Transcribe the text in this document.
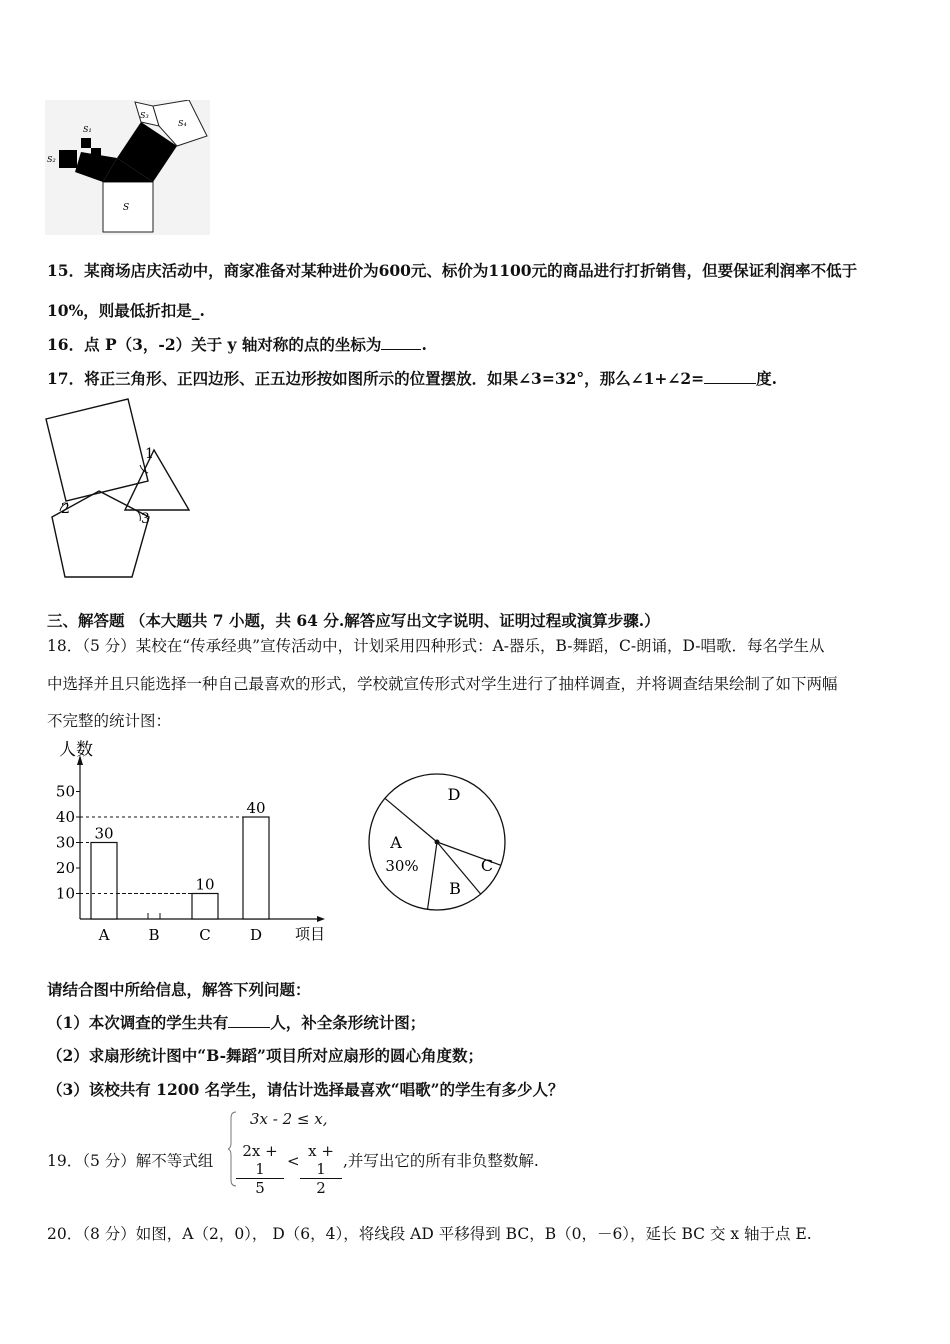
S
S₃
S₄
S₁
S₂
15．某商场店庆活动中，商家准备对某种进价为600元、标价为1100元的商品进行打折销售，但要保证利润率不低于
10%，则最低折扣是_.
16．点 P（3，-2）关于 y 轴对称的点的坐标为	.
17．将正三角形、正四边形、正五边形按如图所示的位置摆放．如果∠3=32°，那么∠1+∠2=	度.
1
2
3
三、解答题 （本大题共 7 小题，共 64 分.解答应写出文字说明、证明过程或演算步骤.）
18．（5 分）某校在“传承经典”宣传活动中，计划采用四种形式：A-器乐，B-舞蹈，C-朗诵，D-唱歌．每名学生从
中选择并且只能选择一种自己最喜欢的形式，学校就宣传形式对学生进行了抽样调查，并将调查结果绘制了如下两幅
不完整的统计图：
人数
项目
10
20
30
40
50
A
30
B	C
10
D
40
D
A
B
C
30%
请结合图中所给信息，解答下列问题：
（1）本次调查的学生共有	人，补全条形统计图；
（2）求扇形统计图中“B-舞蹈”项目所对应扇形的圆心角度数；
（3）该校共有 1200 名学生，请估计选择最喜欢“唱歌”的学生有多少人？
19．（5 分）解不等式组
3x - 2 ≤ x,
$\frac{2x + 1}{5} < \frac{x + 1}{2}$ ,并写出它的所有非负整数解.
20．（8 分）如图，A（2，0）， D（6，4），将线段 AD 平移得到 BC，B（0，－6），延长 BC 交 x 轴于点 E.
